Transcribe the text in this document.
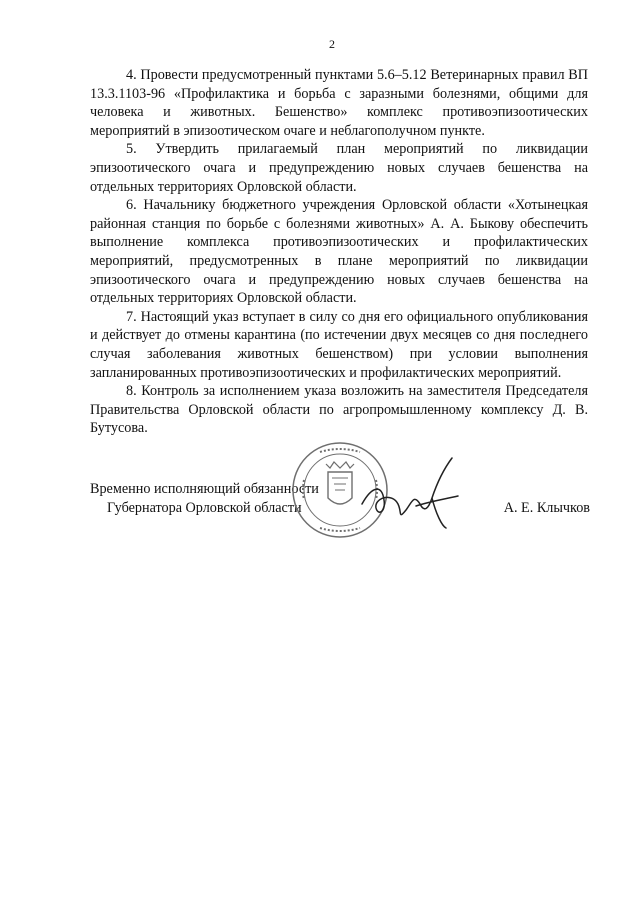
2

4. Провести предусмотренный пунктами 5.6–5.12 Ветеринарных правил ВП 13.3.1103-96 «Профилактика и борьба с заразными болезнями, общими для человека и животных. Бешенство» комплекс противоэпизоотических мероприятий в эпизоотическом очаге и неблагополучном пункте.

5. Утвердить прилагаемый план мероприятий по ликвидации эпизоотического очага и предупреждению новых случаев бешенства на отдельных территориях Орловской области.

6. Начальнику бюджетного учреждения Орловской области «Хотынецкая районная станция по борьбе с болезнями животных» А. А. Быкову обеспечить выполнение комплекса противоэпизоотических и профилактических мероприятий, предусмотренных в плане мероприятий по ликвидации эпизоотического очага и предупреждению новых случаев бешенства на отдельных территориях Орловской области.

7. Настоящий указ вступает в силу со дня его официального опубликования и действует до отмены карантина (по истечении двух месяцев со дня последнего случая заболевания животных бешенством) при условии выполнения запланированных противоэпизоотических и профилактических мероприятий.

8. Контроль за исполнением указа возложить на заместителя Председателя Правительства Орловской области по агропромышленному комплексу Д. В. Бутусова.

Временно исполняющий обязанности
Губернатора Орловской области	А. Е. Клычков
